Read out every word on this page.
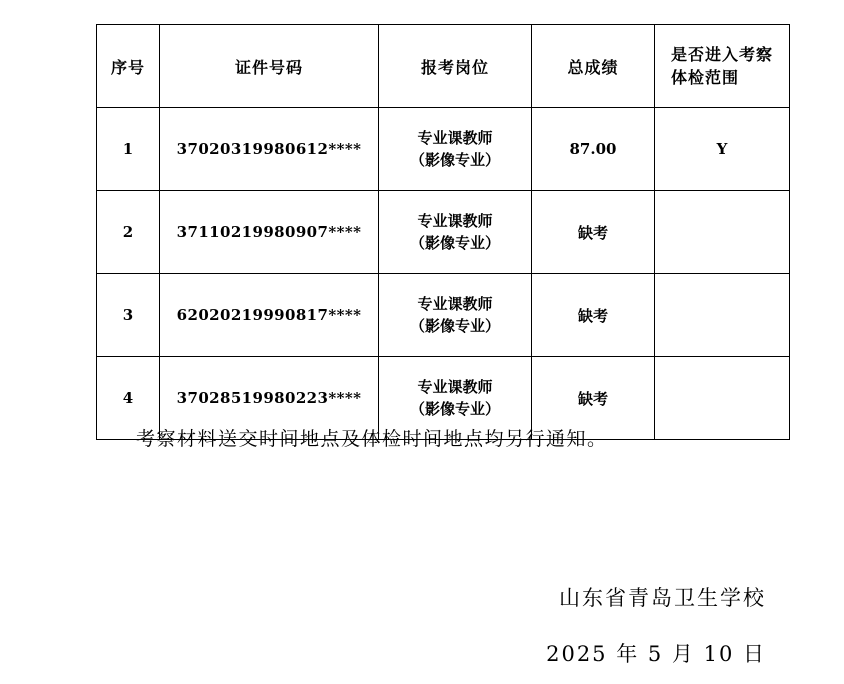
序号	证件号码	报考岗位	总成绩	是否进入考察
体检范围

1	37020319980612****	专业课教师
（影像专业）	87.00	Y
2	37110219980907****	专业课教师
（影像专业）	缺考	
3	62020219990817****	专业课教师
（影像专业）	缺考	
4	37028519980223****	专业课教师
（影像专业）	缺考	
考察材料送交时间地点及体检时间地点均另行通知。
山东省青岛卫生学校
2025 年 5 月 10 日
